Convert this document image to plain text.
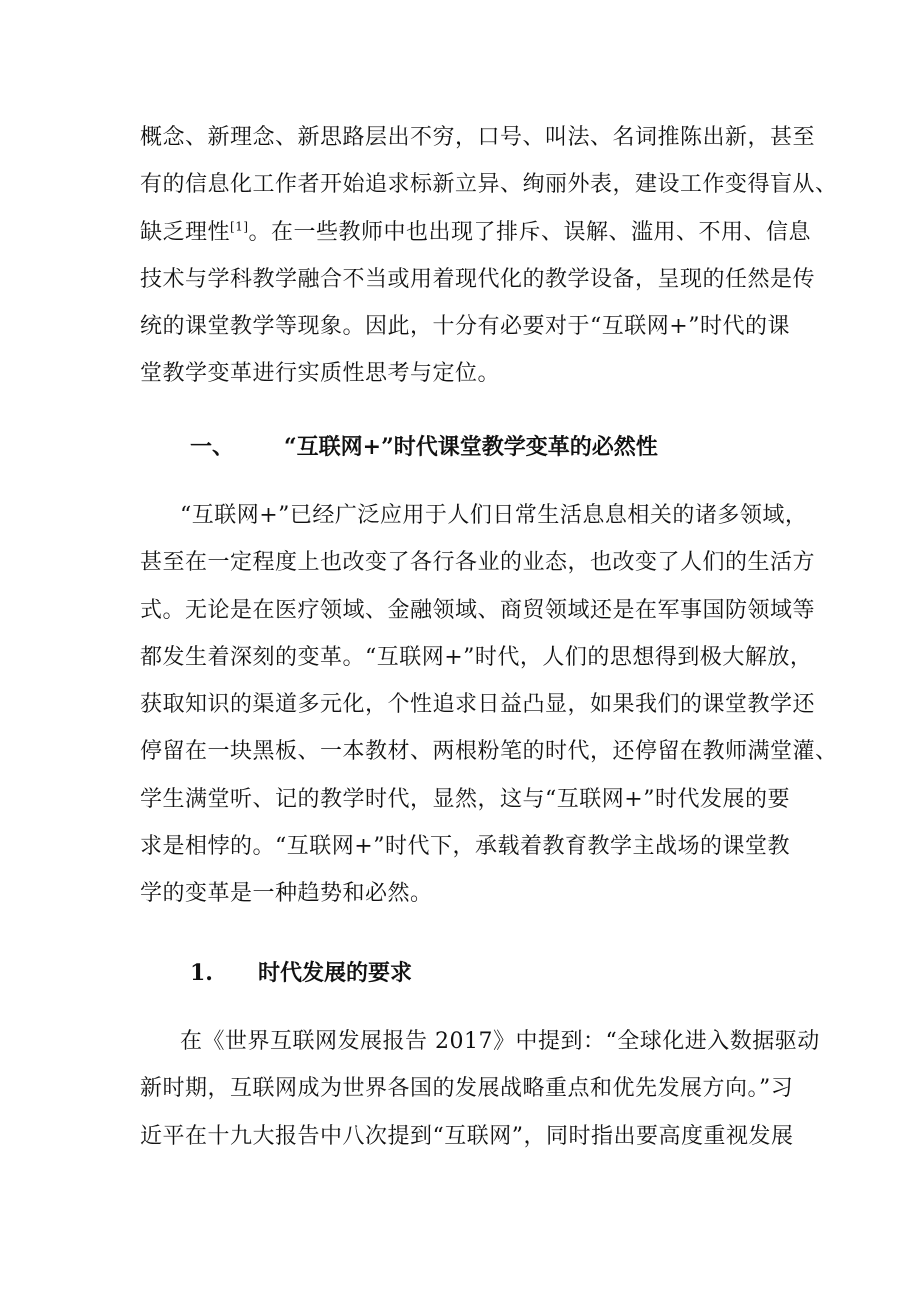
概念、新理念、新思路层出不穷，口号、叫法、名词推陈出新，甚至
有的信息化工作者开始追求标新立异、绚丽外表，建设工作变得盲从、
缺乏理性[1]。在一些教师中也出现了排斥、误解、滥用、不用、信息
技术与学科教学融合不当或用着现代化的教学设备，呈现的任然是传
统的课堂教学等现象。因此，十分有必要对于“互联网+”时代的课
堂教学变革进行实质性思考与定位。
一、 “互联网+”时代课堂教学变革的必然性
“互联网+”已经广泛应用于人们日常生活息息相关的诸多领域，
甚至在一定程度上也改变了各行各业的业态，也改变了人们的生活方
式。无论是在医疗领域、金融领域、商贸领域还是在军事国防领域等
都发生着深刻的变革。“互联网+”时代，人们的思想得到极大解放，
获取知识的渠道多元化，个性追求日益凸显，如果我们的课堂教学还
停留在一块黑板、一本教材、两根粉笔的时代，还停留在教师满堂灌、
学生满堂听、记的教学时代，显然，这与“互联网+”时代发展的要
求是相悖的。“互联网+”时代下，承载着教育教学主战场的课堂教
学的变革是一种趋势和必然。
1. 时代发展的要求
在《世界互联网发展报告 2017》中提到：“全球化进入数据驱动
新时期，互联网成为世界各国的发展战略重点和优先发展方向。”习
近平在十九大报告中八次提到“互联网”，同时指出要高度重视发展
